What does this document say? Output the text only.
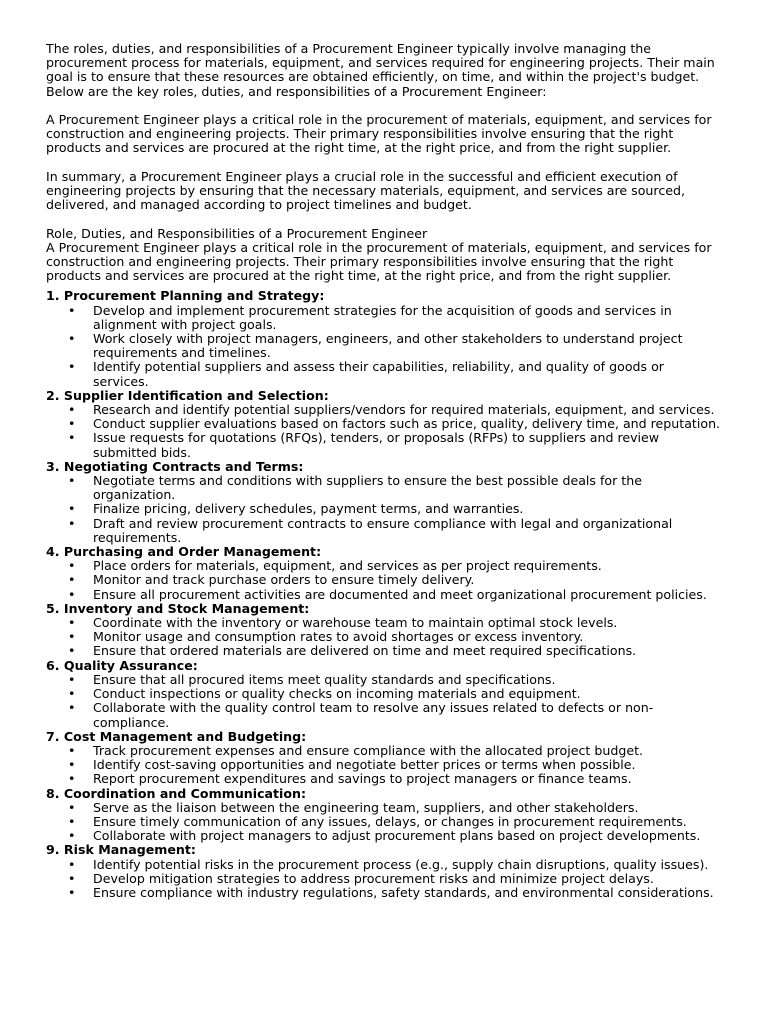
The roles, duties, and responsibilities of a Procurement Engineer typically involve managing the procurement process for materials, equipment, and services required for engineering projects. Their main goal is to ensure that these resources are obtained efficiently, on time, and within the project's budget. Below are the key roles, duties, and responsibilities of a Procurement Engineer:

A Procurement Engineer plays a critical role in the procurement of materials, equipment, and services for construction and engineering projects. Their primary responsibilities involve ensuring that the right products and services are procured at the right time, at the right price, and from the right supplier.

In summary, a Procurement Engineer plays a crucial role in the successful and efficient execution of engineering projects by ensuring that the necessary materials, equipment, and services are sourced, delivered, and managed according to project timelines and budget.

Role, Duties, and Responsibilities of a Procurement Engineer

A Procurement Engineer plays a critical role in the procurement of materials, equipment, and services for construction and engineering projects. Their primary responsibilities involve ensuring that the right products and services are procured at the right time, at the right price, and from the right supplier.

1. Procurement Planning and Strategy:
• Develop and implement procurement strategies for the acquisition of goods and services in alignment with project goals.
• Work closely with project managers, engineers, and other stakeholders to understand project requirements and timelines.
• Identify potential suppliers and assess their capabilities, reliability, and quality of goods or services.
2. Supplier Identification and Selection:
• Research and identify potential suppliers/vendors for required materials, equipment, and services.
• Conduct supplier evaluations based on factors such as price, quality, delivery time, and reputation.
• Issue requests for quotations (RFQs), tenders, or proposals (RFPs) to suppliers and review submitted bids.
3. Negotiating Contracts and Terms:
• Negotiate terms and conditions with suppliers to ensure the best possible deals for the organization.
• Finalize pricing, delivery schedules, payment terms, and warranties.
• Draft and review procurement contracts to ensure compliance with legal and organizational requirements.
4. Purchasing and Order Management:
• Place orders for materials, equipment, and services as per project requirements.
• Monitor and track purchase orders to ensure timely delivery.
• Ensure all procurement activities are documented and meet organizational procurement policies.
5. Inventory and Stock Management:
• Coordinate with the inventory or warehouse team to maintain optimal stock levels.
• Monitor usage and consumption rates to avoid shortages or excess inventory.
• Ensure that ordered materials are delivered on time and meet required specifications.
6. Quality Assurance:
• Ensure that all procured items meet quality standards and specifications.
• Conduct inspections or quality checks on incoming materials and equipment.
• Collaborate with the quality control team to resolve any issues related to defects or non-compliance.
7. Cost Management and Budgeting:
• Track procurement expenses and ensure compliance with the allocated project budget.
• Identify cost-saving opportunities and negotiate better prices or terms when possible.
• Report procurement expenditures and savings to project managers or finance teams.
8. Coordination and Communication:
• Serve as the liaison between the engineering team, suppliers, and other stakeholders.
• Ensure timely communication of any issues, delays, or changes in procurement requirements.
• Collaborate with project managers to adjust procurement plans based on project developments.
9. Risk Management:
• Identify potential risks in the procurement process (e.g., supply chain disruptions, quality issues).
• Develop mitigation strategies to address procurement risks and minimize project delays.
• Ensure compliance with industry regulations, safety standards, and environmental considerations.
